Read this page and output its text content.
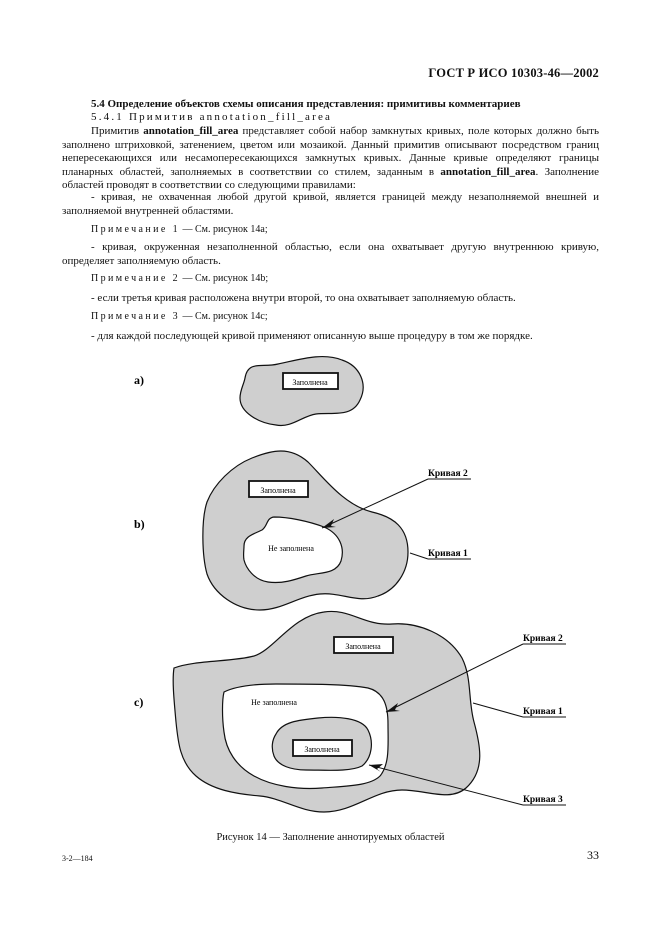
ГОСТ Р ИСО 10303-46—2002
5.4 Определение объектов схемы описания представления: примитивы комментариев
5.4.1 Примитив annotation_fill_area
Примитив annotation_fill_area представляет собой набор замкнутых кривых, поле которых должно быть заполнено штриховкой, затенением, цветом или мозаикой. Данный примитив описывают посредством границ непересекающихся или несамопересекающихся замкнутых кривых. Данные кривые определяют границы планарных областей, заполняемых в соответствии со стилем, заданным в annotation_fill_area. Заполнение областей проводят в соответствии со следующими правилами:
- кривая, не охваченная любой другой кривой, является границей между незаполняемой внешней и заполняемой внутренней областями.
Примечание 1 — См. рисунок 14а;
- кривая, окруженная незаполненной областью, если она охватывает другую внутреннюю кривую, определяет заполняемую область.
Примечание 2 — См. рисунок 14b;
- если третья кривая расположена внутри второй, то она охватывает заполняемую область.
Примечание 3 — См. рисунок 14с;
- для каждой последующей кривой применяют описанную выше процедуру в том же порядке.
a)	Заполнена
b)
Заполнена
Не заполнена
Кривая 2
Кривая 1
c)
Заполнена
Не заполнена
Заполнена
Кривая 2
Кривая 1
Кривая 3
Рисунок 14 — Заполнение аннотируемых областей
33
3-2—184
